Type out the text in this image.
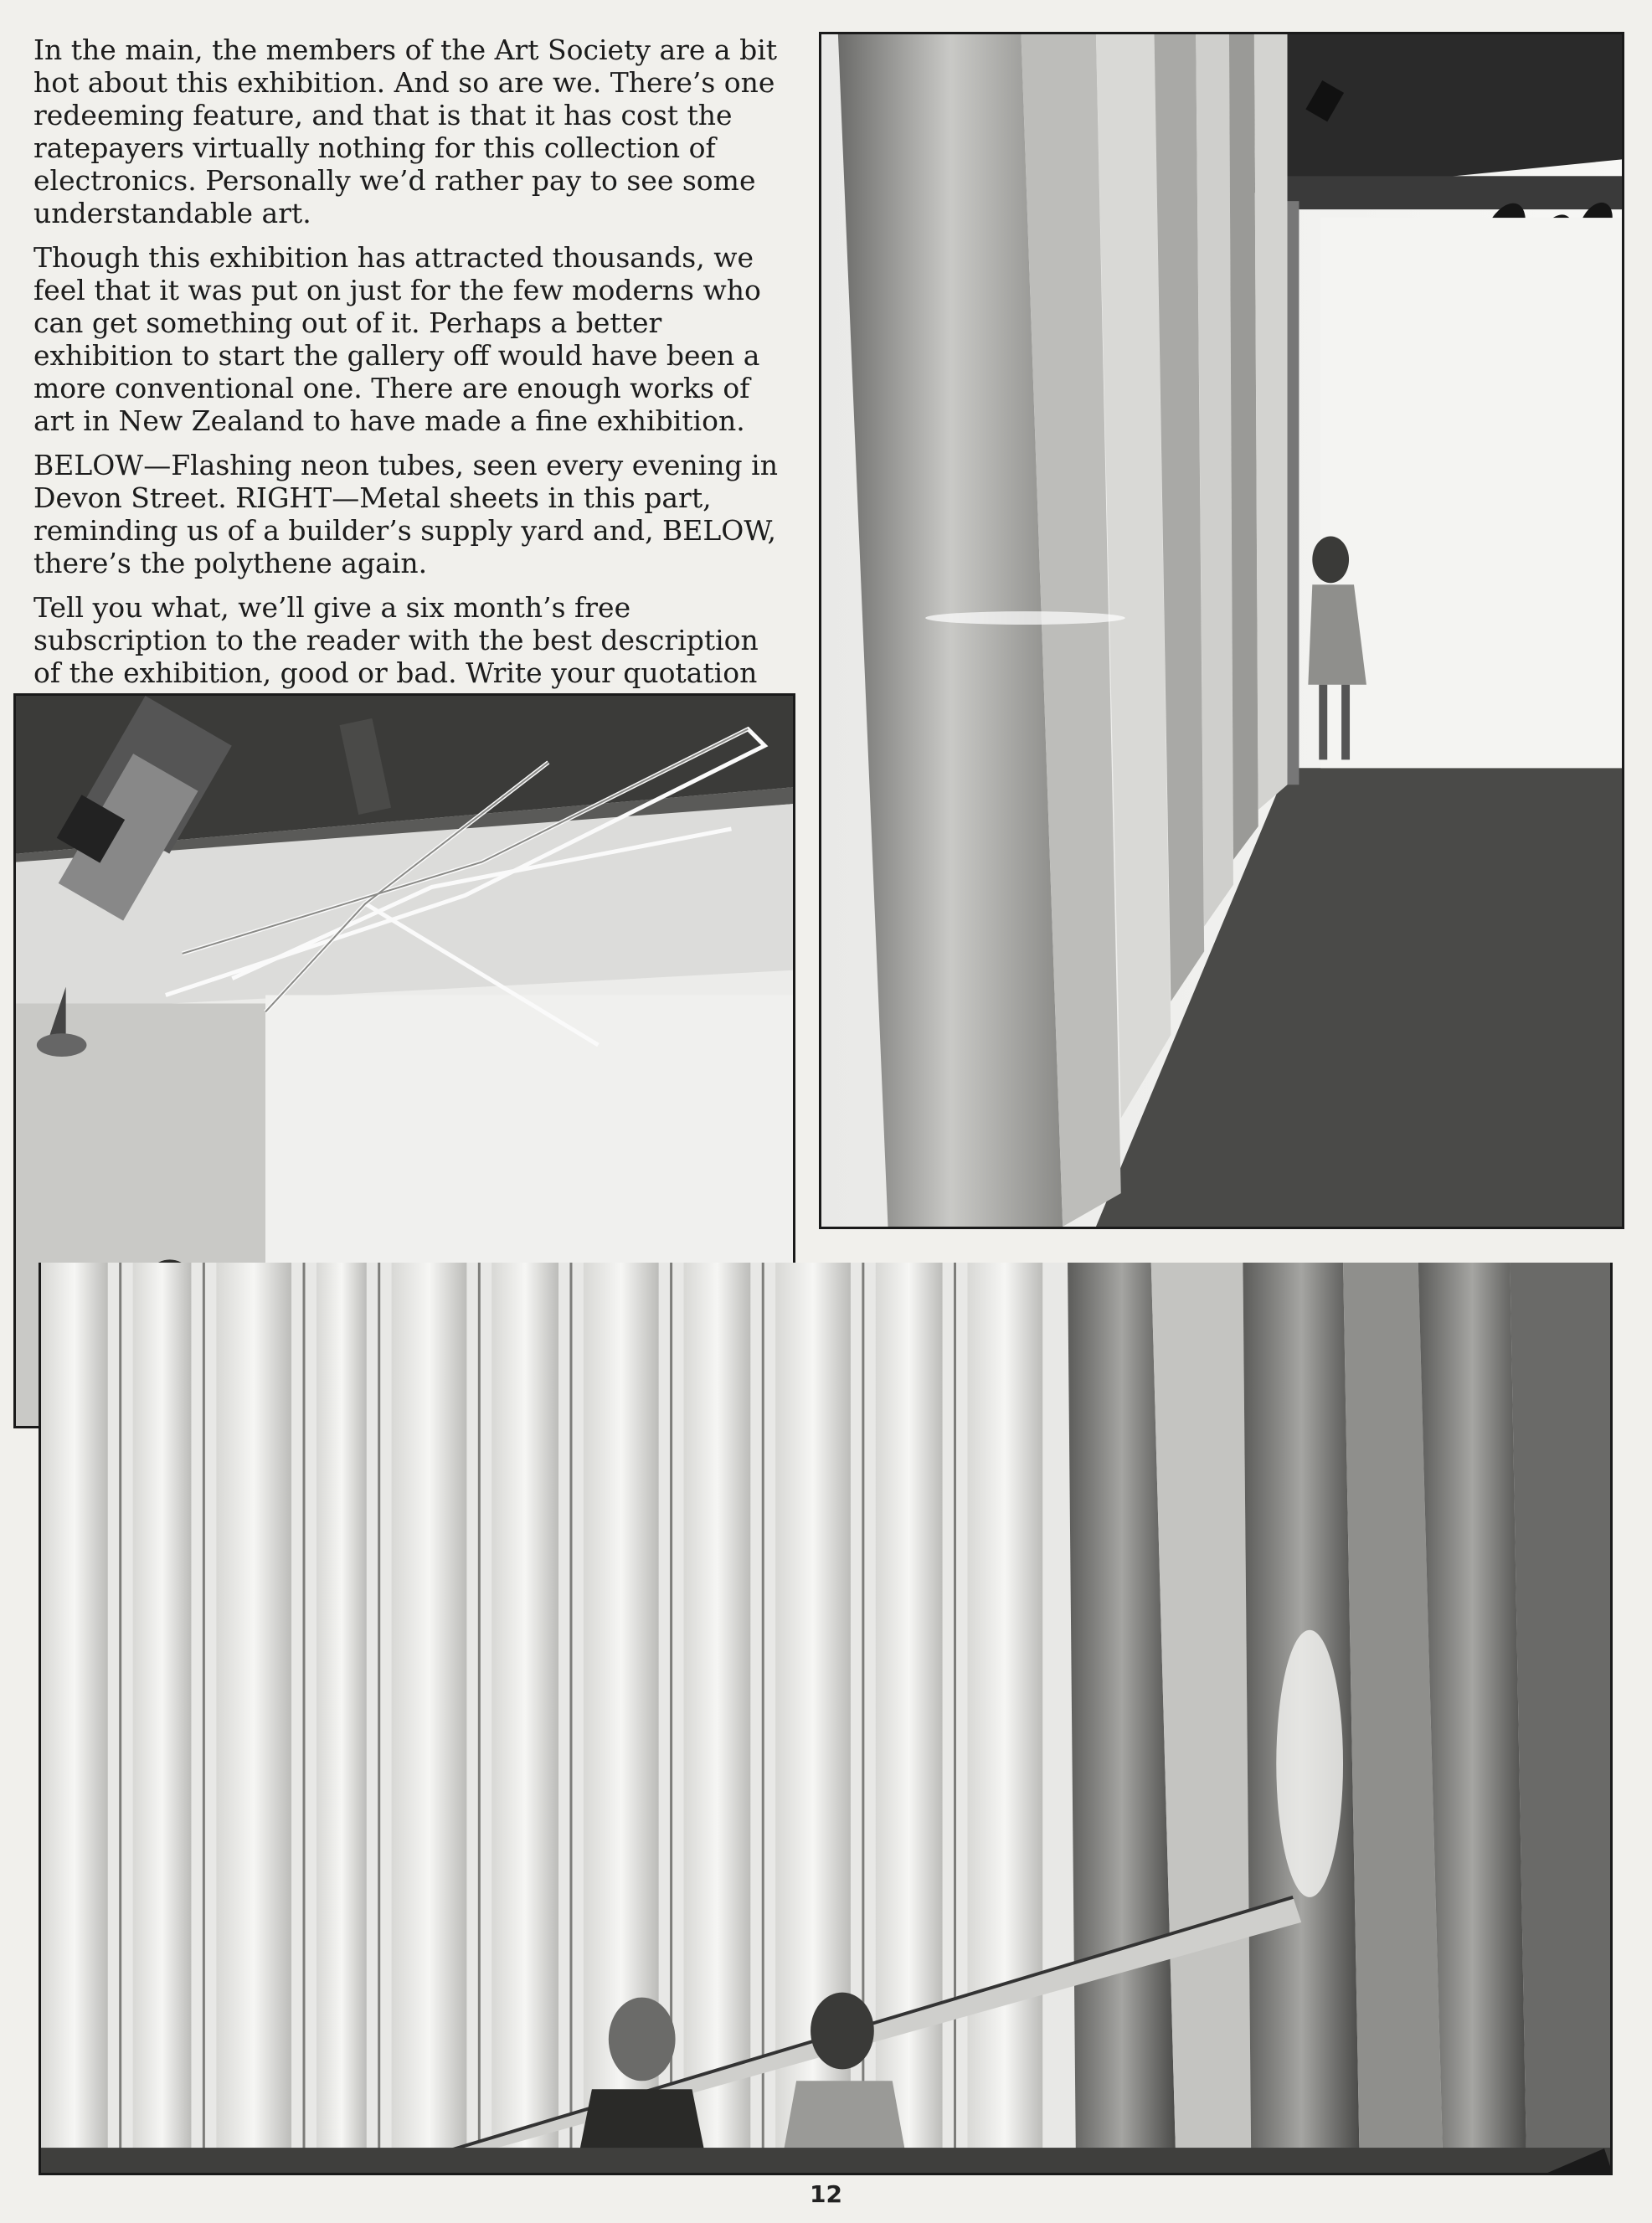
In the main, the members of the Art Society are a bit hot about this exhibition. And so are we. There’s one redeeming feature, and that is that it has cost the ratepayers virtually nothing for this collection of electronics. Personally we’d rather pay to see some understandable art.

Though this exhibition has attracted thousands, we feel that it was put on just for the few moderns who can get something out of it. Perhaps a better exhibition to start the gallery off would have been a more conventional one. There are enough works of art in New Zealand to have made a fine exhibition.

BELOW—Flashing neon tubes, seen every evening in Devon Street. RIGHT—Metal sheets in this part, reminding us of a builder’s supply yard and, BELOW, there’s the polythene again.

Tell you what, we’ll give a six month’s free subscription to the reader with the best description of the exhibition, good or bad. Write your quotation

12
